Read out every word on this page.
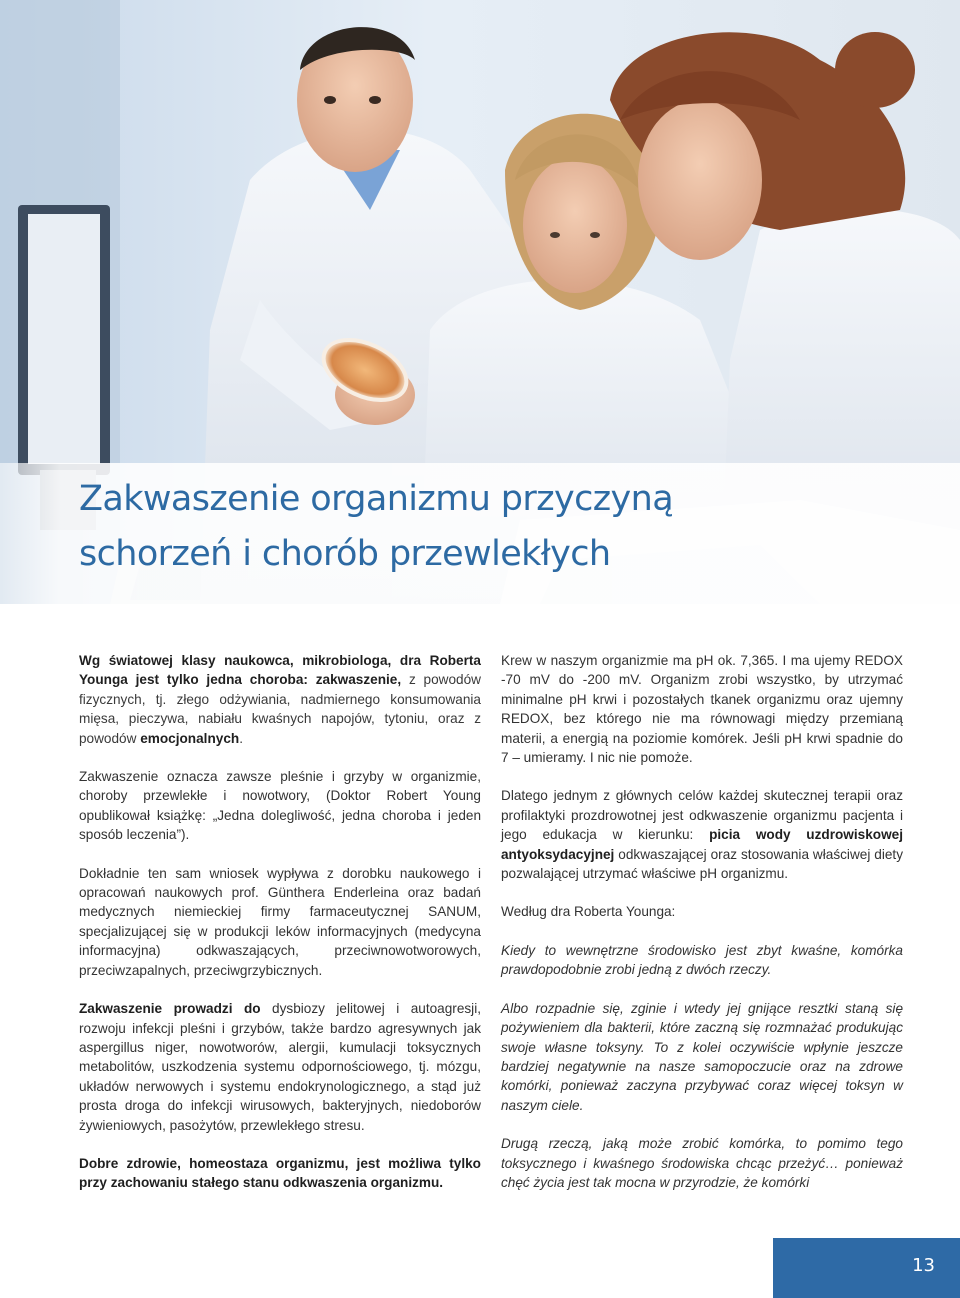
Zakwaszenie organizmu przyczyną
schorzeń i chorób przewlekłych

Wg światowej klasy naukowca, mikrobiologa, dra Roberta Younga jest tylko jedna choroba: zakwaszenie, z powodów fizycznych, tj. złego odżywiania, nadmiernego konsumowania mięsa, pieczywa, nabiału kwaśnych napojów, tytoniu, oraz z powodów emocjonalnych.

Zakwaszenie oznacza zawsze pleśnie i grzyby w organizmie, choroby przewlekłe i nowotwory, (Doktor Robert Young opublikował książkę: „Jedna dolegliwość, jedna choroba i jeden sposób leczenia”).

Dokładnie ten sam wniosek wypływa z dorobku naukowego i opracowań naukowych prof. Günthera Enderleina oraz badań medycznych niemieckiej firmy farmaceutycznej SANUM, specjalizującej się w produkcji leków informacyjnych (medycyna informacyjna) odkwaszających, przeciwnowotworowych, przeciwzapalnych, przeciwgrzybicznych.

Zakwaszenie prowadzi do dysbiozy jelitowej i autoagresji, rozwoju infekcji pleśni i grzybów, także bardzo agresywnych jak aspergillus niger, nowotworów, alergii, kumulacji toksycznych metabolitów, uszkodzenia systemu odpornościowego, tj. mózgu, układów nerwowych i systemu endokrynologicznego, a stąd już prosta droga do infekcji wirusowych, bakteryjnych, niedoborów żywieniowych, pasożytów, przewlekłego stresu.

Dobre zdrowie, homeostaza organizmu, jest możliwa tylko przy zachowaniu stałego stanu odkwaszenia organizmu.

Krew w naszym organizmie ma pH ok. 7,365. I ma ujemy REDOX -70 mV do -200 mV. Organizm zrobi wszystko, by utrzymać minimalne pH krwi i pozostałych tkanek organizmu oraz ujemny REDOX, bez którego nie ma równowagi między przemianą materii, a energią na poziomie komórek. Jeśli pH krwi spadnie do 7 – umieramy. I nic nie pomoże.

Dlatego jednym z głównych celów każdej skutecznej terapii oraz profilaktyki prozdrowotnej jest odkwaszenie organizmu pacjenta i jego edukacja w kierunku: picia wody uzdrowiskowej antyoksydacyjnej odkwaszającej oraz stosowania właściwej diety pozwalającej utrzymać właściwe pH organizmu.

Według dra Roberta Younga:

Kiedy to wewnętrzne środowisko jest zbyt kwaśne, komórka prawdopodobnie zrobi jedną z dwóch rzeczy.

Albo rozpadnie się, zginie i wtedy jej gnijące resztki staną się pożywieniem dla bakterii, które zaczną się rozmnażać produkując swoje własne toksyny. To z kolei oczywiście wpłynie jeszcze bardziej negatywnie na nasze samopoczucie oraz na zdrowe komórki, ponieważ zaczyna przybywać coraz więcej toksyn w naszym ciele.

Drugą rzeczą, jaką może zrobić komórka, to pomimo tego toksycznego i kwaśnego środowiska chcąc przeżyć… ponieważ chęć życia jest tak mocna w przyrodzie, że komórki

13
